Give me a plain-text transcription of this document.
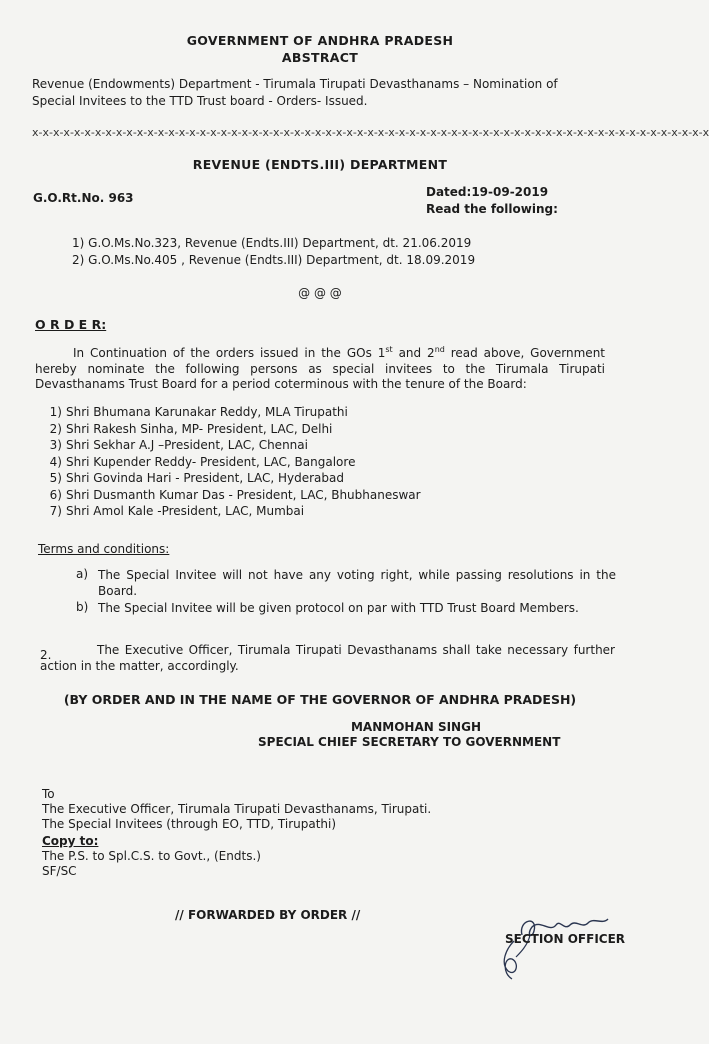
GOVERNMENT OF ANDHRA PRADESH
ABSTRACT
Revenue (Endowments) Department - Tirumala Tirupati Devasthanams – Nomination of Special Invitees to the TTD Trust board - Orders- Issued.
x-x-x-x-x-x-x-x-x-x-x-x-x-x-x-x-x-x-x-x-x-x-x-x-x-x-x-x-x-x-x-x-x-x-x-x-x-x-x-x-x-x-x-x-x-x-x-x-x-x-x-x-x-x-x-x-x-x-x-x-x-x-x-x-x
REVENUE (ENDTS.III) DEPARTMENT
G.O.Rt.No. 963	Dated:19-09-2019
Read the following:
1) G.O.Ms.No.323, Revenue (Endts.III) Department, dt. 21.06.2019
2) G.O.Ms.No.405 , Revenue (Endts.III) Department, dt. 18.09.2019
@ @ @
O R D E R:
In Continuation of the orders issued in the GOs 1st and 2nd read above, Government hereby nominate the following persons as special invitees to the Tirumala Tirupati Devasthanams Trust Board for a period coterminous with the tenure of the Board:
1) Shri Bhumana Karunakar Reddy, MLA Tirupathi
2) Shri Rakesh Sinha, MP- President, LAC, Delhi
3) Shri Sekhar A.J –President, LAC, Chennai
4) Shri Kupender Reddy- President, LAC, Bangalore
5) Shri Govinda Hari - President, LAC, Hyderabad
6) Shri Dusmanth Kumar Das - President, LAC, Bhubhaneswar
7) Shri Amol Kale -President, LAC, Mumbai
Terms and conditions:
a) The Special Invitee will not have any voting right, while passing resolutions in the Board.
b) The Special Invitee will be given protocol on par with TTD Trust Board Members.
2.	The Executive Officer, Tirumala Tirupati Devasthanams shall take necessary further action in the matter, accordingly.
(BY ORDER AND IN THE NAME OF THE GOVERNOR OF ANDHRA PRADESH)
MANMOHAN SINGH
SPECIAL CHIEF SECRETARY TO GOVERNMENT
To
The Executive Officer, Tirumala Tirupati Devasthanams, Tirupati.
The Special Invitees (through EO, TTD, Tirupathi)
Copy to:
The P.S. to Spl.C.S. to Govt., (Endts.)
SF/SC
// FORWARDED BY ORDER //
SECTION OFFICER
